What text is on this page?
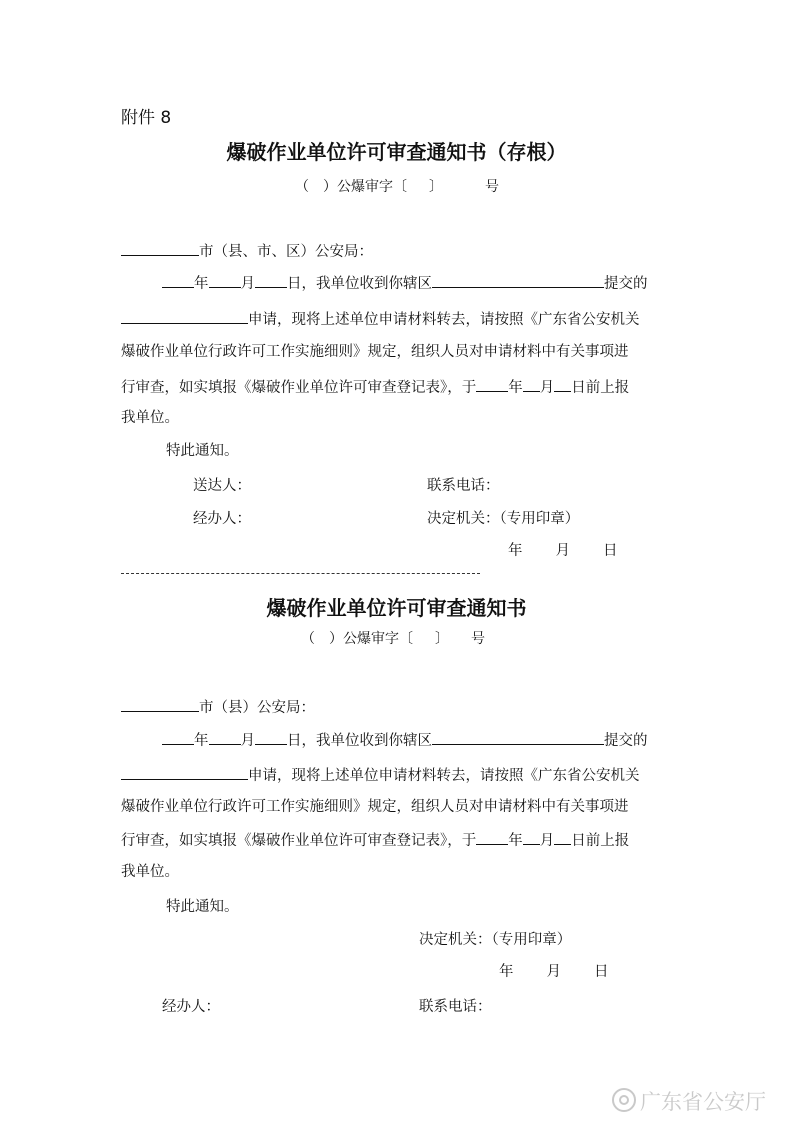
附件 8
爆破作业单位许可审查通知书（存根）
（　）公爆审字〔 〕	号
市（县、市、区）公安局：
年 月 日，我单位收到你辖区	提交的
申请，现将上述单位申请材料转去，请按照《广东省公安机关
爆破作业单位行政许可工作实施细则》规定，组织人员对申请材料中有关事项进
行审查，如实填报《爆破作业单位许可审查登记表》，于 年 月 日前上报
我单位。
特此通知。
送达人：	联系电话：
经办人：	决定机关：（专用印章）
年 月 日
爆破作业单位许可审查通知书
（　）公爆审字〔 〕 号
市（县）公安局：
年 月 日，我单位收到你辖区	提交的
申请，现将上述单位申请材料转去，请按照《广东省公安机关
爆破作业单位行政许可工作实施细则》规定，组织人员对申请材料中有关事项进
行审查，如实填报《爆破作业单位许可审查登记表》，于 年 月 日前上报
我单位。
特此通知。
决定机关：（专用印章）
年 月 日
经办人：	联系电话：
广东省公安厅
